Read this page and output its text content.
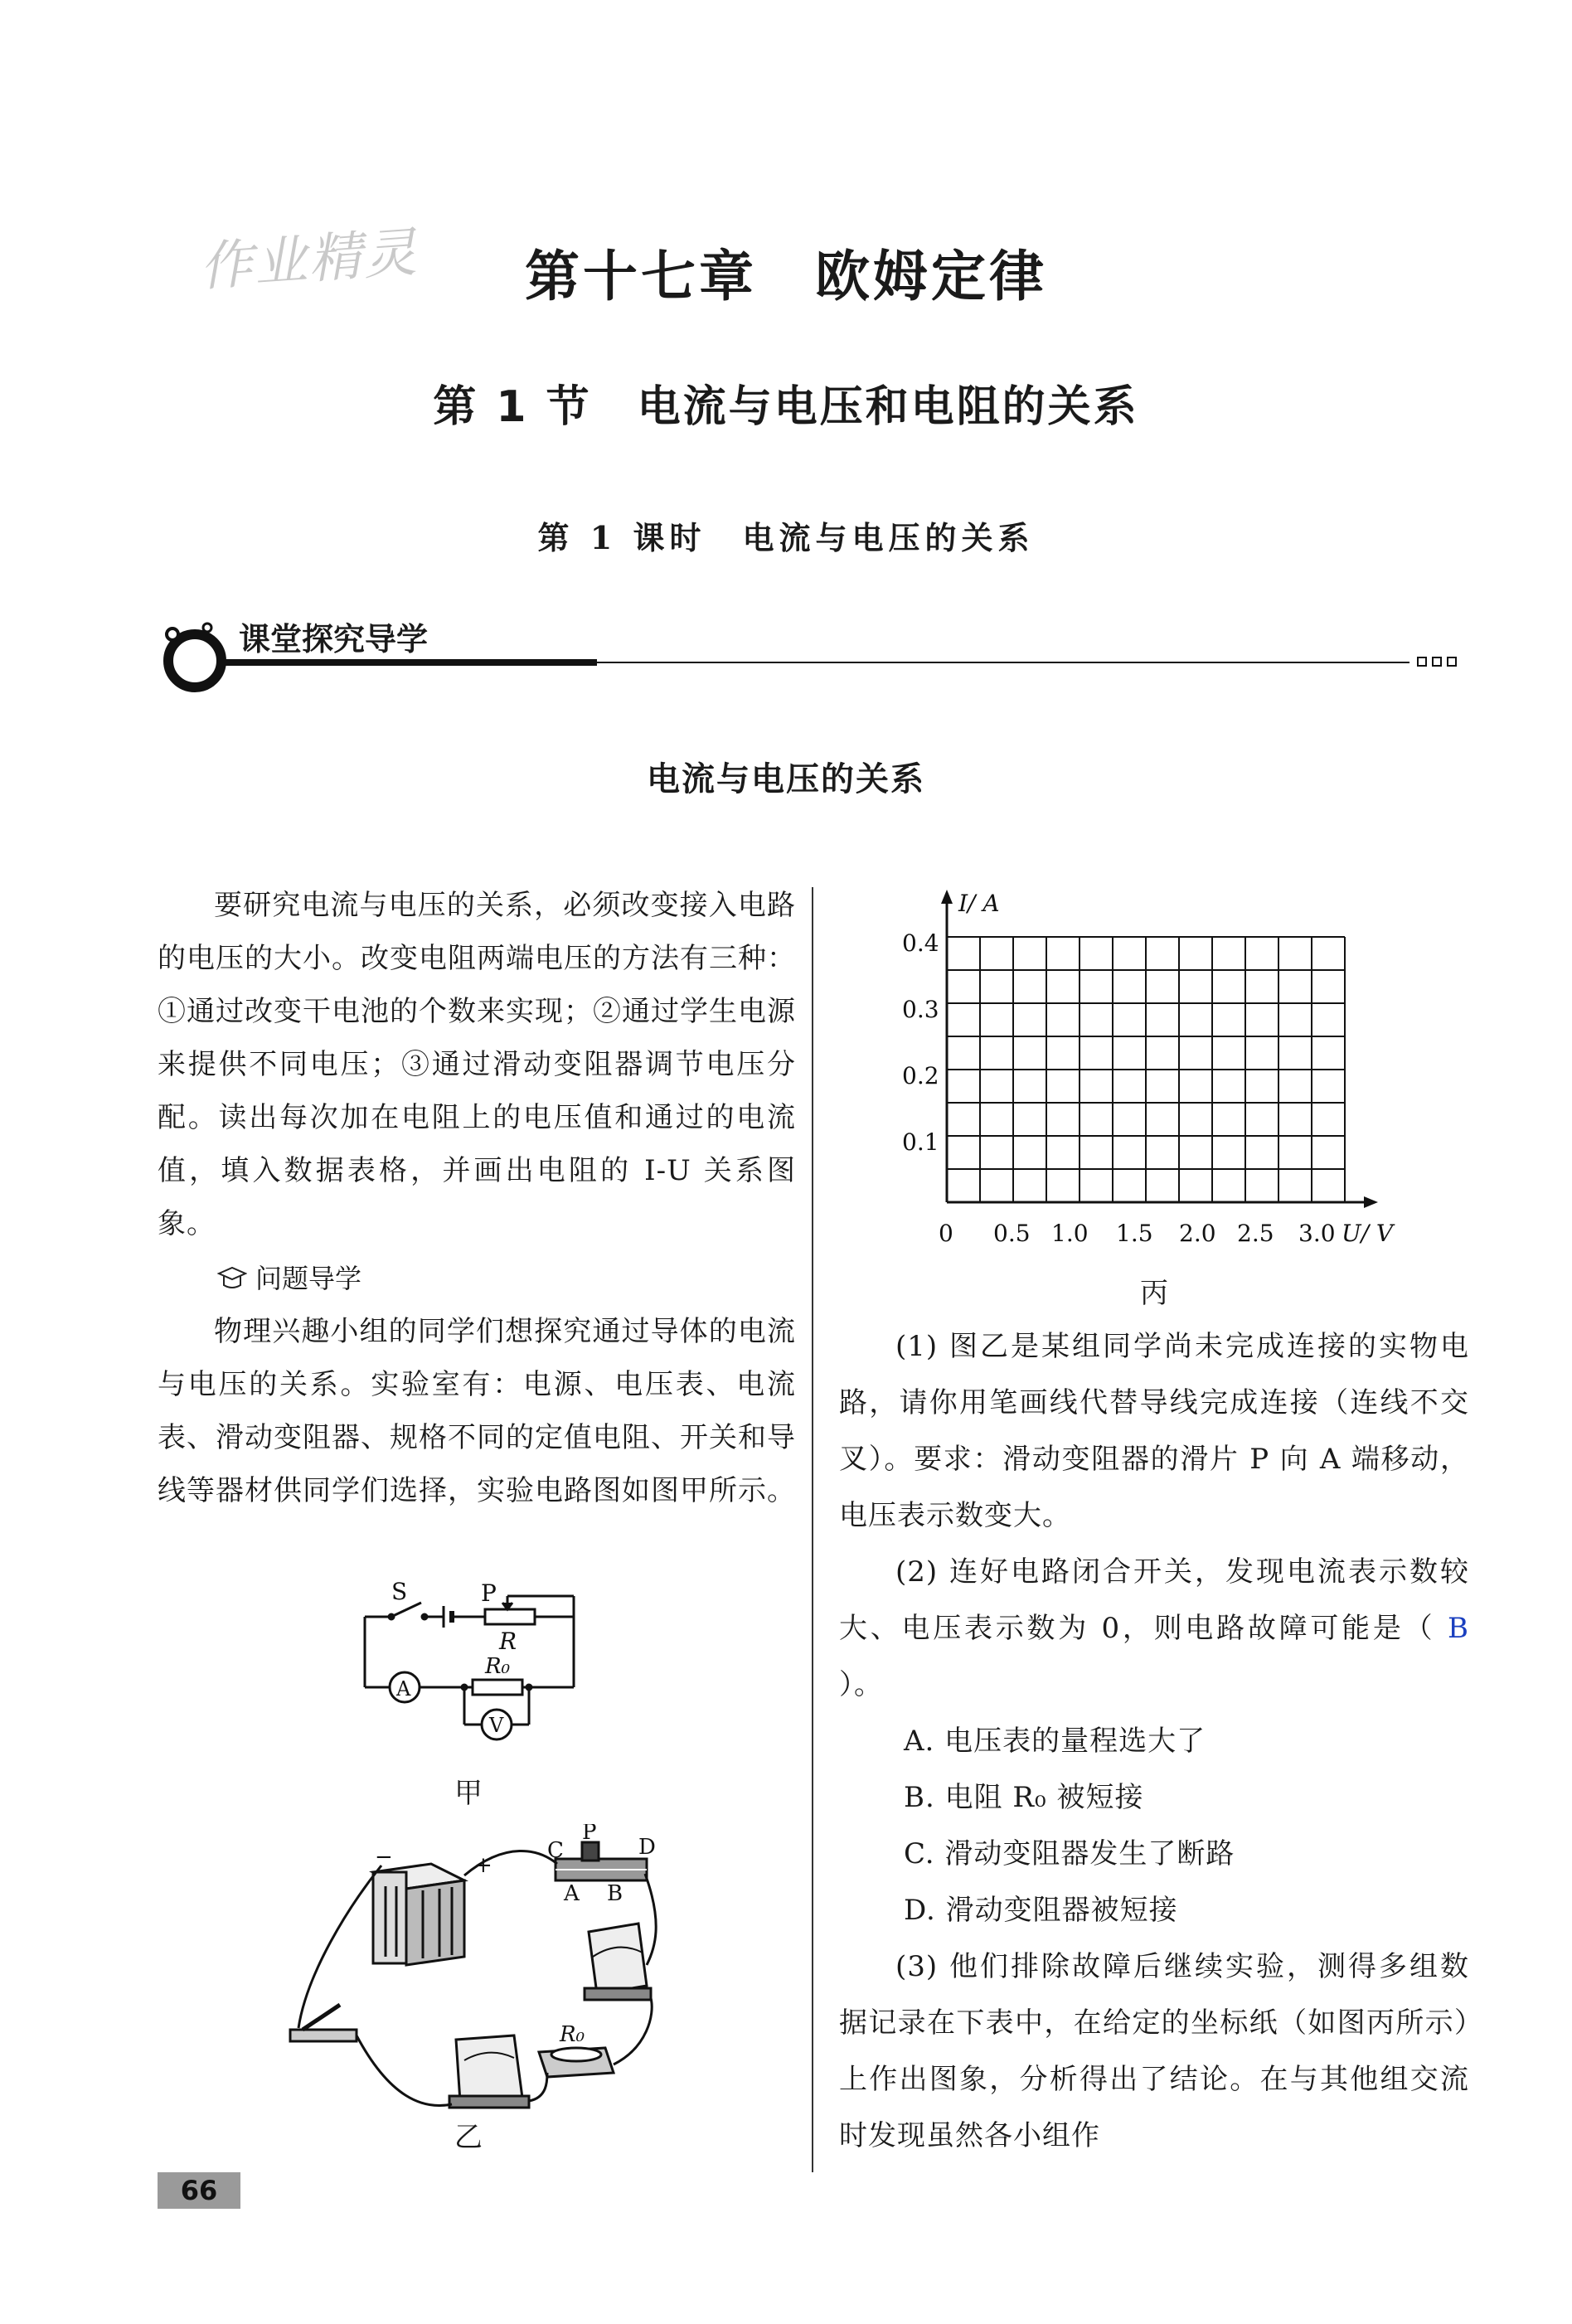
作业精灵	第十七章　欧姆定律
第 1 节　电流与电压和电阻的关系
第 1 课时　电流与电压的关系
课堂探究导学
电流与电压的关系

要研究电流与电压的关系，必须改变接入电路的电压的大小。改变电阻两端电压的方法有三种：①通过改变干电池的个数来实现；②通过学生电源来提供不同电压；③通过滑动变阻器调节电压分配。读出每次加在电阻上的电压值和通过的电流值，填入数据表格，并画出电阻的 I-U 关系图象。

问题导学

物理兴趣小组的同学们想探究通过导体的电流与电压的关系。实验室有：电源、电压表、电流表、滑动变阻器、规格不同的定值电阻、开关和导线等器材供同学们选择，实验电路图如图甲所示。

S	P
R
A
R₀
V
甲
C
P
D
A B
−	+
R₀
乙
I/ A
U/ V
0
0.4
0.3
0.2
0.1
0.5 1.0 1.5 2.0 2.5 3.0
丙

(1) 图乙是某组同学尚未完成连接的实物电路，请你用笔画线代替导线完成连接（连线不交叉）。要求：滑动变阻器的滑片 P 向 A 端移动，电压表示数变大。

(2) 连好电路闭合开关，发现电流表示数较大、电压表示数为 0，则电路故障可能是（ B ）。

A. 电压表的量程选大了
B. 电阻 R₀ 被短接
C. 滑动变阻器发生了断路
D. 滑动变阻器被短接

(3) 他们排除故障后继续实验，测得多组数据记录在下表中，在给定的坐标纸（如图丙所示）上作出图象，分析得出了结论。在与其他组交流时发现虽然各小组作

66
